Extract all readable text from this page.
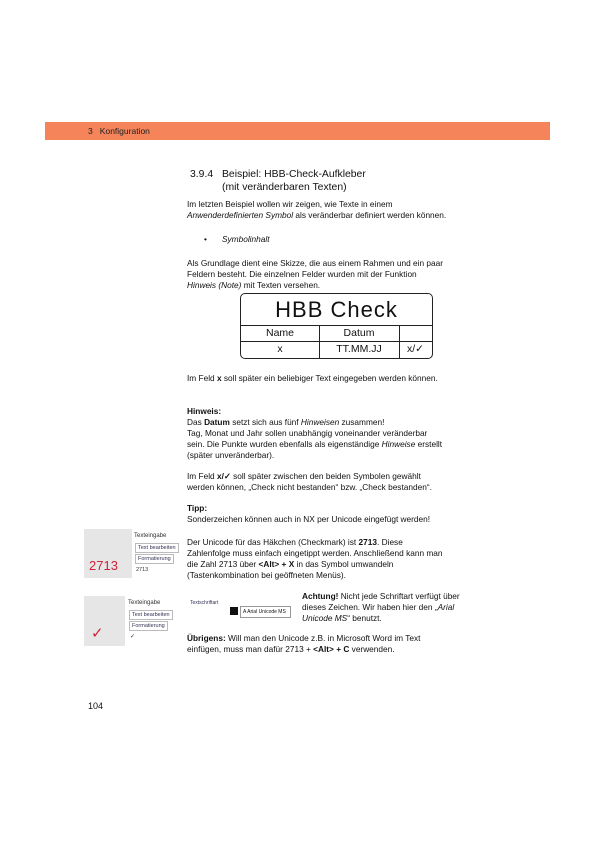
3   Konfiguration
3.9.4 Beispiel: HBB-Check-Aufkleber
(mit veränderbaren Texten)
Im letzten Beispiel wollen wir zeigen, wie Texte in einem
Anwenderdefinierten Symbol als veränderbar definiert werden können.
• Symbolinhalt
Als Grundlage dient eine Skizze, die aus einem Rahmen und ein paar
Feldern besteht. Die einzelnen Felder wurden mit der Funktion
Hinweis (Note) mit Texten versehen.
HBB Check
Name	Datum
x	TT.MM.JJ	x/✓
Im Feld x soll später ein beliebiger Text eingegeben werden können.
Hinweis:
Das Datum setzt sich aus fünf Hinweisen zusammen!
Tag, Monat und Jahr sollen unabhängig voneinander veränderbar
sein. Die Punkte wurden ebenfalls als eigenständige Hinweise erstellt
(später unveränderbar).
Im Feld x/✓ soll später zwischen den beiden Symbolen gewählt
werden können, „Check nicht bestanden“ bzw. „Check bestanden“.
Tipp:
Sonderzeichen können auch in NX per Unicode eingefügt werden!
Der Unicode für das Häkchen (Checkmark) ist 2713. Diese
Zahlenfolge muss einfach eingetippt werden. Anschließend kann man
die Zahl 2713 über <Alt> + X in das Symbol umwandeln
(Tastenkombination bei geöffneten Menüs).
2713
Texteingabe
Text bearbeiten
Formatierung
2713
✓
Texteingabe
Text bearbeiten
Formatierung
✓
Textschriftart
A Arial Unicode MS
Achtung! Nicht jede Schriftart verfügt über
dieses Zeichen. Wir haben hier den „Arial
Unicode MS“ benutzt.
Übrigens: Will man den Unicode z.B. in Microsoft Word im Text
einfügen, muss man dafür 2713 + <Alt> + C verwenden.
104
